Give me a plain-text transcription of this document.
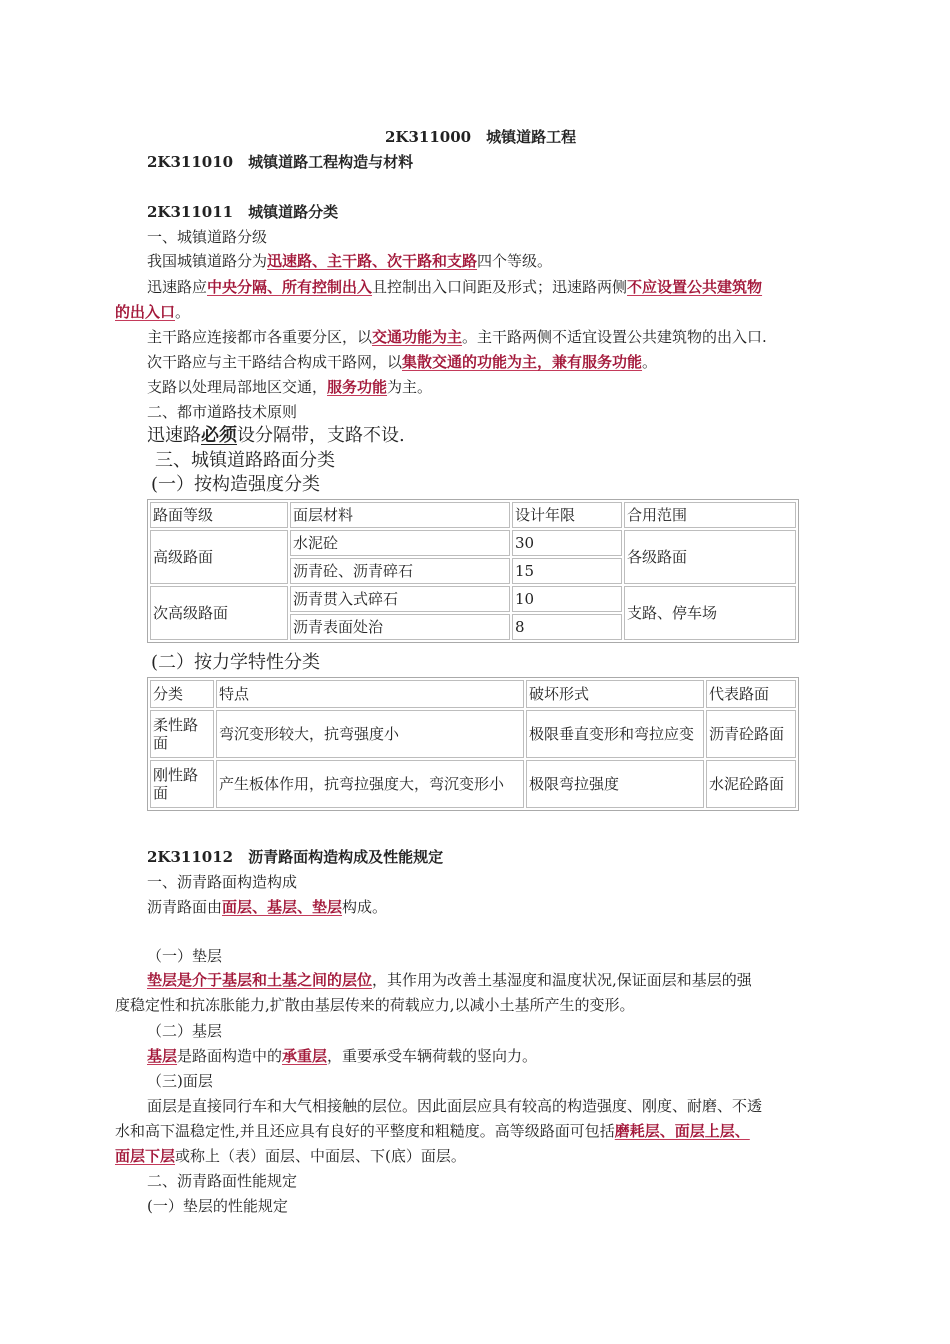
2K311000　城镇道路工程
2K311010　城镇道路工程构造与材料
2K311011　城镇道路分类
一、城镇道路分级
我国城镇道路分为迅速路、主干路、次干路和支路四个等级。
迅速路应中央分隔、所有控制出入且控制出入口间距及形式；迅速路两侧不应设置公共建筑物
的出入口。
主干路应连接都市各重要分区，以交通功能为主。主干路两侧不适宜设置公共建筑物的出入口.
次干路应与主干路结合构成干路网，以集散交通的功能为主，兼有服务功能。
支路以处理局部地区交通，服务功能为主。
二、都市道路技术原则
迅速路必须设分隔带，支路不设.
三、城镇道路路面分类
(一）按构造强度分类
路面等级	面层材料	设计年限	合用范围
高级路面	水泥砼	30	各级路面
	沥青砼、沥青碎石	15	
次高级路面	沥青贯入式碎石	10	支路、停车场
	沥青表面处治	8	
(二）按力学特性分类
分类	特点	破坏形式	代表路面
柔性路面	弯沉变形较大，抗弯强度小	极限垂直变形和弯拉应变	沥青砼路面
刚性路面	产生板体作用，抗弯拉强度大，弯沉变形小	极限弯拉强度	水泥砼路面
2K311012　沥青路面构造构成及性能规定
一、沥青路面构造构成
沥青路面由面层、基层、垫层构成。
（一）垫层
垫层是介于基层和土基之间的层位，其作用为改善土基湿度和温度状况,保证面层和基层的强
度稳定性和抗冻胀能力,扩散由基层传来的荷载应力,以减小土基所产生的变形。
（二）基层
基层是路面构造中的承重层，重要承受车辆荷载的竖向力。
（三)面层
面层是直接同行车和大气相接触的层位。因此面层应具有较高的构造强度、刚度、耐磨、不透
水和高下温稳定性,并且还应具有良好的平整度和粗糙度。高等级路面可包括磨耗层、面层上层、
面层下层或称上（表）面层、中面层、下(底）面层。
二、沥青路面性能规定
(一）垫层的性能规定
